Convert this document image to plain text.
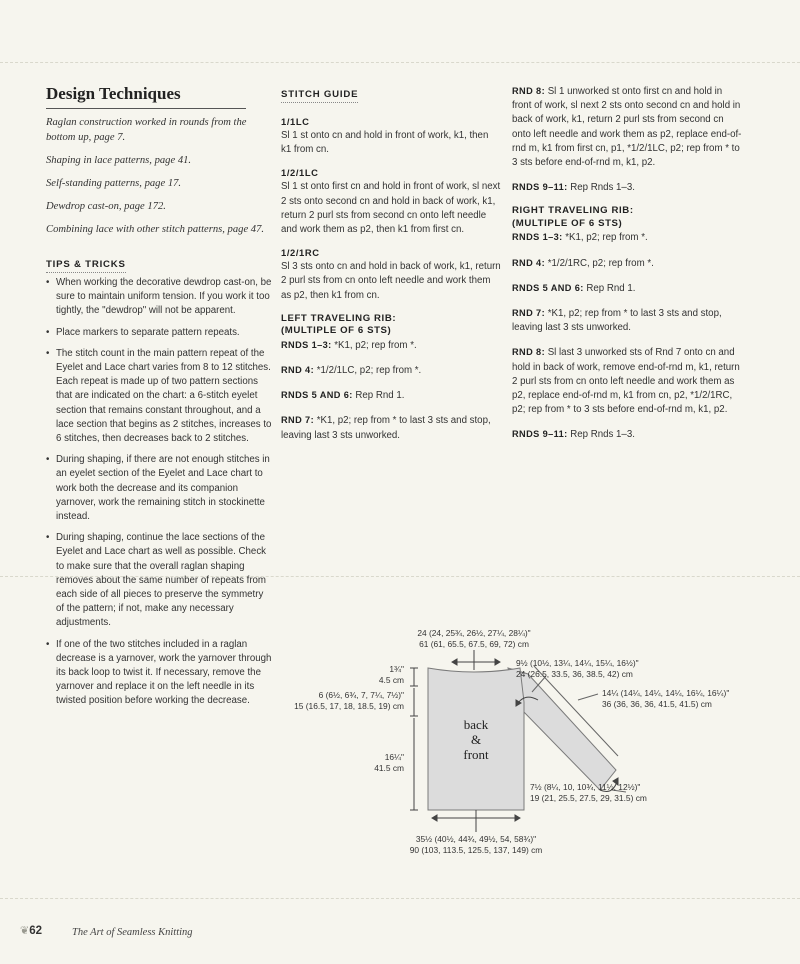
Design Techniques
Raglan construction worked in rounds from the bottom up, page 7.
Shaping in lace patterns, page 41.
Self-standing patterns, page 17.
Dewdrop cast-on, page 172.
Combining lace with other stitch patterns, page 47.
TIPS & TRICKS
• When working the decorative dewdrop cast-on, be sure to maintain uniform tension. If you work it too tightly, the "dewdrop" will not be apparent.
• Place markers to separate pattern repeats.
• The stitch count in the main pattern repeat of the Eyelet and Lace chart varies from 8 to 12 stitches. Each repeat is made up of two pattern sections that are indicated on the chart: a 6-stitch eyelet section that remains constant throughout, and a lace section that begins as 2 stitches, increases to 6 stitches, then decreases back to 2 stitches.
• During shaping, if there are not enough stitches in an eyelet section of the Eyelet and Lace chart to work both the decrease and its companion yarnover, work the remaining stitch in stockinette instead.
• During shaping, continue the lace sections of the Eyelet and Lace chart as well as possible. Check to make sure that the overall raglan shaping removes about the same number of repeats from each side of all pieces to preserve the symmetry of the pattern; if not, make any necessary adjustments.
• If one of the two stitches included in a raglan decrease is a yarnover, work the yarnover through its back loop to twist it. If necessary, remove the yarnover and replace it on the left needle in its twisted position before working the decrease.
STITCH GUIDE
1/1LC
Sl 1 st onto cn and hold in front of work, k1, then k1 from cn.
1/2/1LC
Sl 1 st onto first cn and hold in front of work, sl next 2 sts onto second cn and hold in back of work, k1, return 2 purl sts from second cn onto left needle and work them as p2, then k1 from first cn.
1/2/1RC
Sl 3 sts onto cn and hold in back of work, k1, return 2 purl sts from cn onto left needle and work them as p2, then k1 from cn.
LEFT TRAVELING RIB:
(MULTIPLE OF 6 STS)
RNDS 1–3: *K1, p2; rep from *.
RND 4: *1/2/1LC, p2; rep from *.
RNDS 5 AND 6: Rep Rnd 1.
RND 7: *K1, p2; rep from * to last 3 sts and stop, leaving last 3 sts unworked.
RND 8: Sl 1 unworked st onto first cn and hold in front of work, sl next 2 sts onto second cn and hold in back of work, k1, return 2 purl sts from second cn onto left needle and work them as p2, replace end-of-rnd m, k1 from first cn, p1, *1/2/1LC, p2; rep from * to 3 sts before end-of-rnd m, k1, p2.
RNDS 9–11: Rep Rnds 1–3.
RIGHT TRAVELING RIB:
(MULTIPLE OF 6 STS)
RNDS 1–3: *K1, p2; rep from *.
RND 4: *1/2/1RC, p2; rep from *.
RNDS 5 AND 6: Rep Rnd 1.
RND 7: *K1, p2; rep from * to last 3 sts and stop, leaving last 3 sts unworked.
RND 8: Sl last 3 unworked sts of Rnd 7 onto cn and hold in back of work, remove end-of-rnd m, k1, return 2 purl sts from cn onto left needle and work them as p2, replace end-of-rnd m, k1 from cn, p2, *1/2/1RC, p2; rep from * to 3 sts before end-of-rnd m, k1, p2.
RNDS 9–11: Rep Rnds 1–3.
back
&
front
24 (24, 25¾, 26½, 27¼, 28¼)"
61 (61, 65.5, 67.5, 69, 72) cm
1¾"
4.5 cm
6 (6½, 6¾, 7, 7¼, 7½)"
15 (16.5, 17, 18, 18.5, 19) cm
16¼"
41.5 cm
9½ (10½, 13¼, 14¼, 15¼, 16½)"
24 (26.5, 33.5, 36, 38.5, 42) cm
14¼ (14¼, 14¼, 14¼, 16¼, 16¼)"
36 (36, 36, 36, 41.5, 41.5) cm
7½ (8¼, 10, 10¾, 11½, 12½)"
19 (21, 25.5, 27.5, 29, 31.5) cm
35½ (40½, 44¾, 49½, 54, 58¾)"
90 (103, 113.5, 125.5, 137, 149) cm
❦ 62	The Art of Seamless Knitting
